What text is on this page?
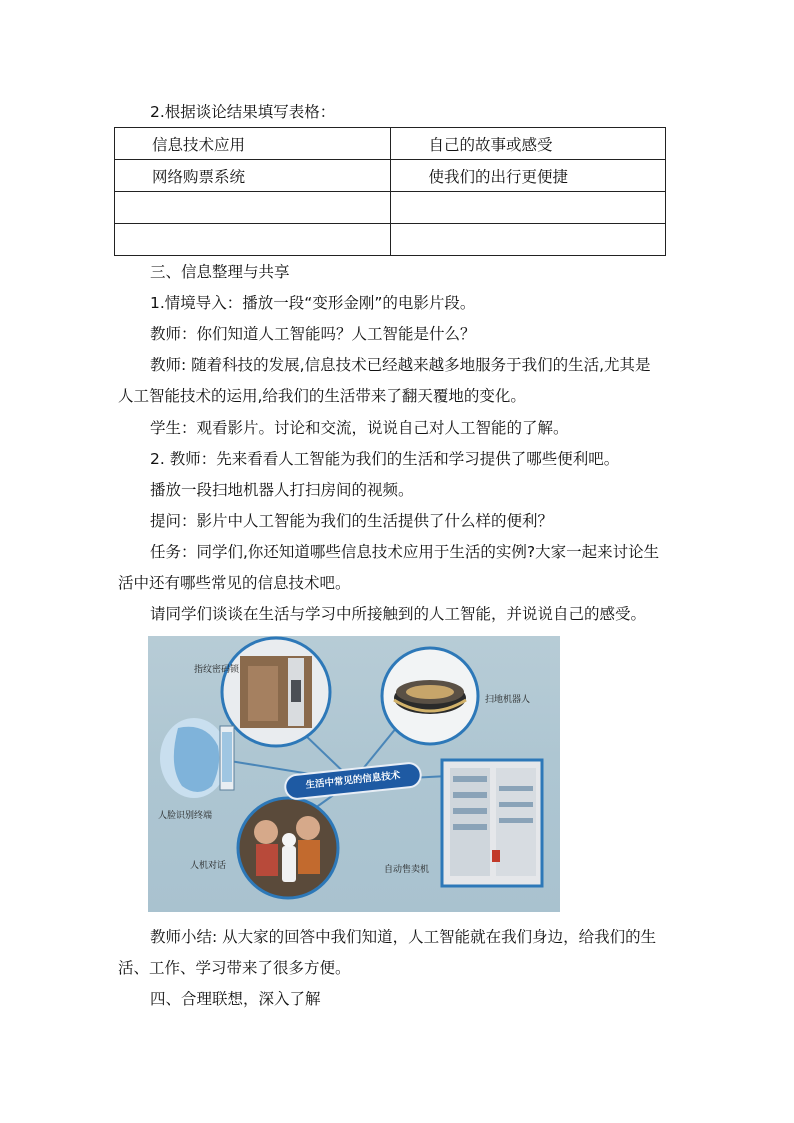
2.根据谈论结果填写表格：
信息技术应用	自己的故事或感受
网络购票系统	使我们的出行更便捷

三、信息整理与共享
1.情境导入：播放一段“变形金刚”的电影片段。
教师：你们知道人工智能吗？人工智能是什么？
教师: 随着科技的发展,信息技术已经越来越多地服务于我们的生活,尤其是
人工智能技术的运用,给我们的生活带来了翻天覆地的变化。
学生：观看影片。讨论和交流，说说自己对人工智能的了解。
2. 教师：先来看看人工智能为我们的生活和学习提供了哪些便利吧。
播放一段扫地机器人打扫房间的视频。
提问：影片中人工智能为我们的生活提供了什么样的便利？
任务：同学们,你还知道哪些信息技术应用于生活的实例?大家一起来讨论生
活中还有哪些常见的信息技术吧。
请同学们谈谈在生活与学习中所接触到的人工智能，并说说自己的感受。
生活中常见的信息技术
指纹密码锁
扫地机器人
人脸识别终端
人机对话	自动售卖机
教师小结: 从大家的回答中我们知道，人工智能就在我们身边，给我们的生
活、工作、学习带来了很多方便。
四、合理联想，深入了解
